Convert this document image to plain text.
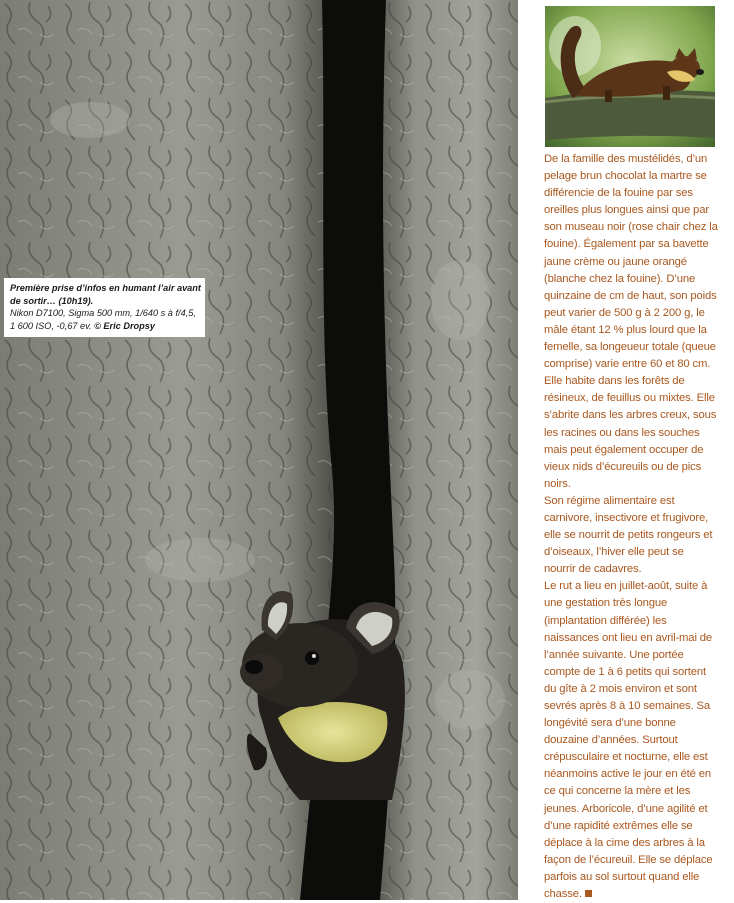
Première prise d’infos en humant l’air avant de sortir… (10h19).
Nikon D7100, Sigma 500 mm, 1/640 s à f/4,5, 1 600 ISO, -0,67 ev. © Eric Dropsy

De la famille des mustélidés, d’un pelage brun chocolat la martre se différencie de la fouine par ses oreilles plus longues ainsi que par son museau noir (rose chair chez la fouine). Également par sa bavette jaune crème ou jaune orangé (blanche chez la fouine). D’une quinzaine de cm de haut, son poids peut varier de 500 g à 2 200 g, le mâle étant 12 % plus lourd que la femelle, sa longeueur totale (queue comprise) varie entre 60 et 80 cm.

Elle habite dans les forêts de résineux, de feuillus ou mixtes. Elle s’abrite dans les arbres creux, sous les racines ou dans les souches mais peut également occuper de vieux nids d’écureuils ou de pics noirs.

Son régime alimentaire est carnivore, insectivore et frugivore, elle se nourrit de petits rongeurs et d’oiseaux, l’hiver elle peut se nourrir de cadavres.

Le rut a lieu en juillet-août, suite à une gestation très longue (implantation différée) les naissances ont lieu en avril-mai de l’année suivante. Une portée compte de 1 à 6 petits qui sortent du gîte à 2 mois environ et sont sevrés après 8 à 10 semaines. Sa longévité sera d’une bonne douzaine d’années. Surtout crépusculaire et nocturne, elle est néanmoins active le jour en été en ce qui concerne la mère et les jeunes. Arboricole, d’une agilité et d’une rapidité extrêmes elle se déplace à la cime des arbres à la façon de l’écureuil. Elle se déplace parfois au sol surtout quand elle chasse.
